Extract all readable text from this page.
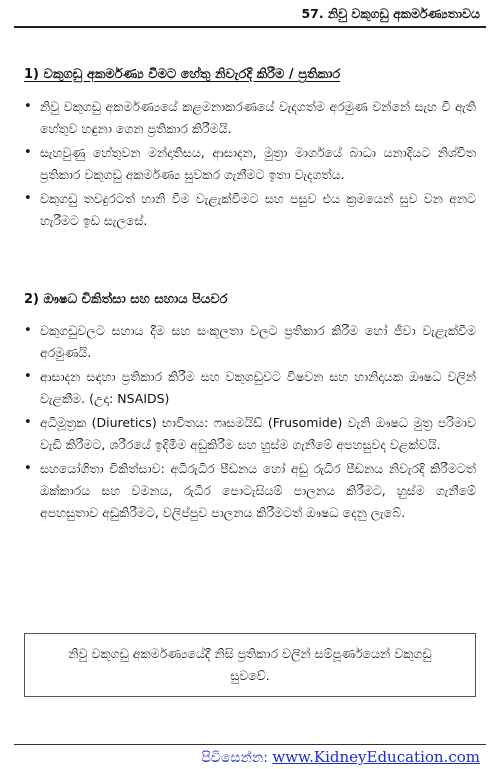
57. නිවු වකුගඩු අකර්මණ්‍යතාවය
1) වකුගඩු අකර්මණ්‍ය වීමට හේතු නිවැරදි කිරීම / ප්‍රතිකාර
• නිවු වකුගඩු අකර්මණ්‍යයේ කළමනාකරණයේ වැදගත්ම අරමුණ වන්නේ සැහ වී ඇති හේතුව හඳුනා ගෙන ප්‍රතිකාර කිරීමයි.
• සැහවුණු හේතුවන මන්දාතිසය, ආසාදන, මුත්‍රා මාර්ගයේ බාධා යනාදියට නිශ්චිත ප්‍රතිකාර වකුගඩු අකර්මණ්‍ය සුවකර ගැනීමට ඉතා වැදගත්ය.
• වකුගඩු තවදුරටත් හානි වීම වැළැක්වීමට සහ පසුව එය ක්‍රමයෙන් සුව වන අනට හැරීමට ඉඩ සැලසේ.
2) ඖෂධ චිකිත්සා සහ සහාය පියවර
• වකුගඩුවලට සහාය දීම සහ සංකූලතා වලට ප්‍රතිකාර කිරීම හෝ ජීවා වැළැක්වීම අරමුණයි.
• ආසාදන සඳහා ප්‍රතිකාර කිරීම සහ වකුගඩුවට විෂවන සහ හානිදායක ඖෂධ වලින් වැළකීම. (උදා: NSAIDS)
• අධිමූත්‍රක (Diuretics) භාවිතය: ෆ්‍රුසමයිඩ් (Frusomide) වැනි ඖෂධ මුත්‍ර පරිමාව වැඩි කිරීමට, ශරීරයේ ඉදිමීම අඩුකිරීම සහ හුස්ම ගැනීමේ අපහසුවද වළක්වයි.
• සහයෝගිතා චිකිත්සාව: අධිරුධිර පීඩනය හෝ අඩු රුධිර පීඩනය නිවැරදි කිරීමටත් ඔක්කාරය සහ වමනය, රුධිර පොටැසියම් පාලනය කිරීමට, හුස්ම ගැනීමේ අපහසුතාව අඩුකිරීමට, වලිප්පුව පාලනය කිරීමටත් ඖෂධ දෙනු ලැබේ.
නිවු වකුගඩු අකර්මණ්‍යයේදී නිසි ප්‍රතිකාර වලින් සම්පූර්ණයෙන් වකුගඩු සුවවේ.
පිවිසෙන්න: www.KidneyEducation.com
